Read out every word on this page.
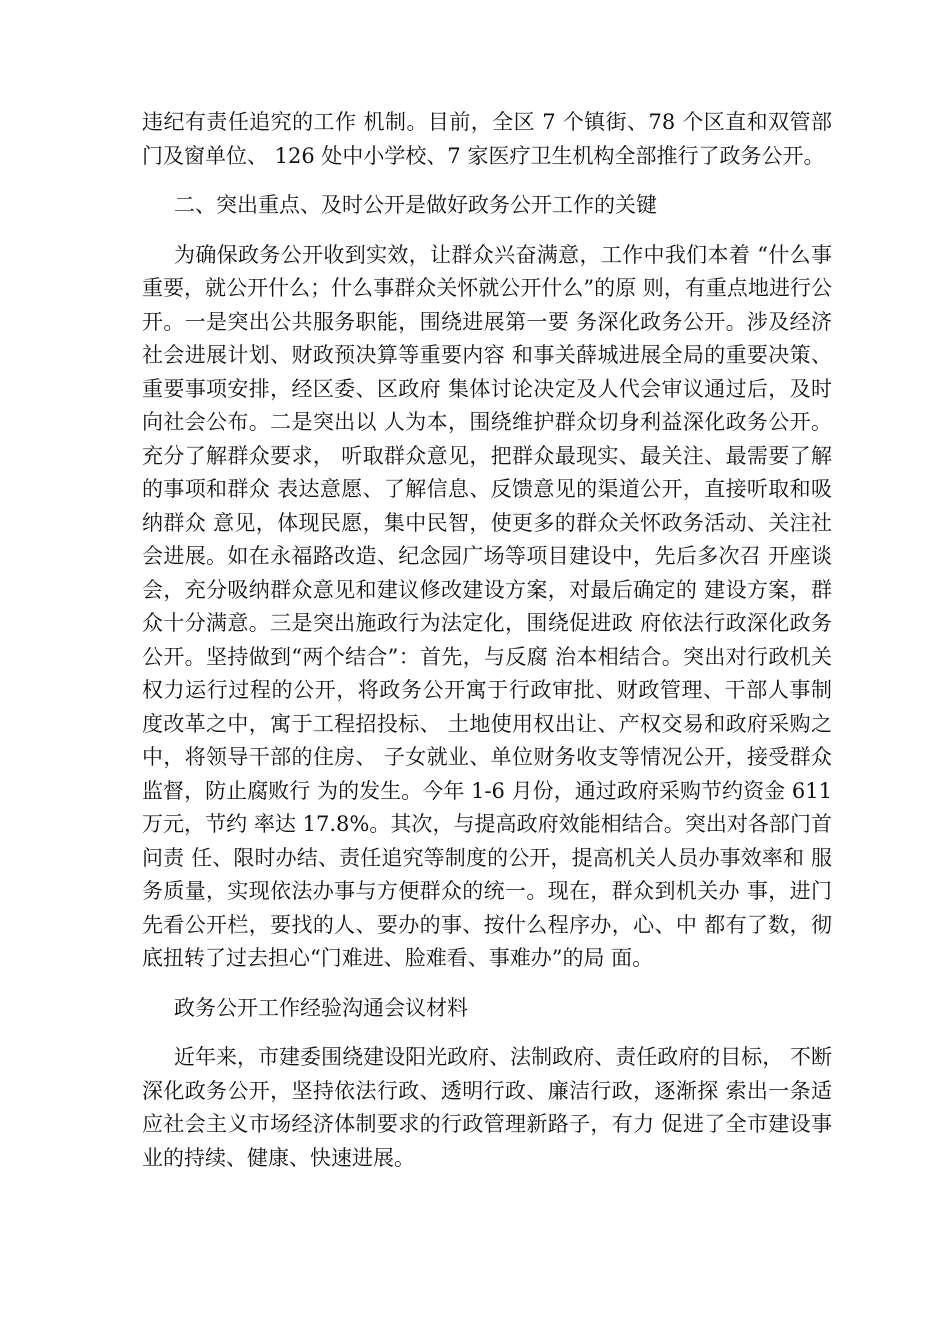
违纪有责任追究的工作 机制。目前，全区 7 个镇街、78 个区直和双管部门及窗单位、 126 处中小学校、7 家医疗卫生机构全部推行了政务公开。

二、突出重点、及时公开是做好政务公开工作的关键

为确保政务公开收到实效，让群众兴奋满意，工作中我们本着 “什么事重要，就公开什么；什么事群众关怀就公开什么”的原 则，有重点地进行公开。一是突出公共服务职能，围绕进展第一要 务深化政务公开。涉及经济社会进展计划、财政预决算等重要内容 和事关薛城进展全局的重要决策、重要事项安排，经区委、区政府 集体讨论决定及人代会审议通过后，及时向社会公布。二是突出以 人为本，围绕维护群众切身利益深化政务公开。充分了解群众要求， 听取群众意见，把群众最现实、最关注、最需要了解的事项和群众 表达意愿、了解信息、反馈意见的渠道公开，直接听取和吸纳群众 意见，体现民愿，集中民智，使更多的群众关怀政务活动、关注社 会进展。如在永福路改造、纪念园广场等项目建设中，先后多次召 开座谈会，充分吸纳群众意见和建议修改建设方案，对最后确定的 建设方案，群众十分满意。三是突出施政行为法定化，围绕促进政 府依法行政深化政务公开。坚持做到“两个结合”：首先，与反腐 治本相结合。突出对行政机关权力运行过程的公开，将政务公开寓于行政审批、财政管理、干部人事制度改革之中，寓于工程招投标、 土地使用权出让、产权交易和政府采购之中，将领导干部的住房、 子女就业、单位财务收支等情况公开，接受群众监督，防止腐败行 为的发生。今年 1-6 月份，通过政府采购节约资金 611 万元，节约 率达 17.8%。其次，与提高政府效能相结合。突出对各部门首问责 任、限时办结、责任追究等制度的公开，提高机关人员办事效率和 服务质量，实现依法办事与方便群众的统一。现在，群众到机关办 事，进门先看公开栏，要找的人、要办的事、按什么程序办，心、中 都有了数，彻底扭转了过去担心“门难进、脸难看、事难办”的局 面。

政务公开工作经验沟通会议材料

近年来，市建委围绕建设阳光政府、法制政府、责任政府的目标， 不断深化政务公开，坚持依法行政、透明行政、廉洁行政，逐渐探 索出一条适应社会主义市场经济体制要求的行政管理新路子，有力 促进了全市建设事业的持续、健康、快速进展。
